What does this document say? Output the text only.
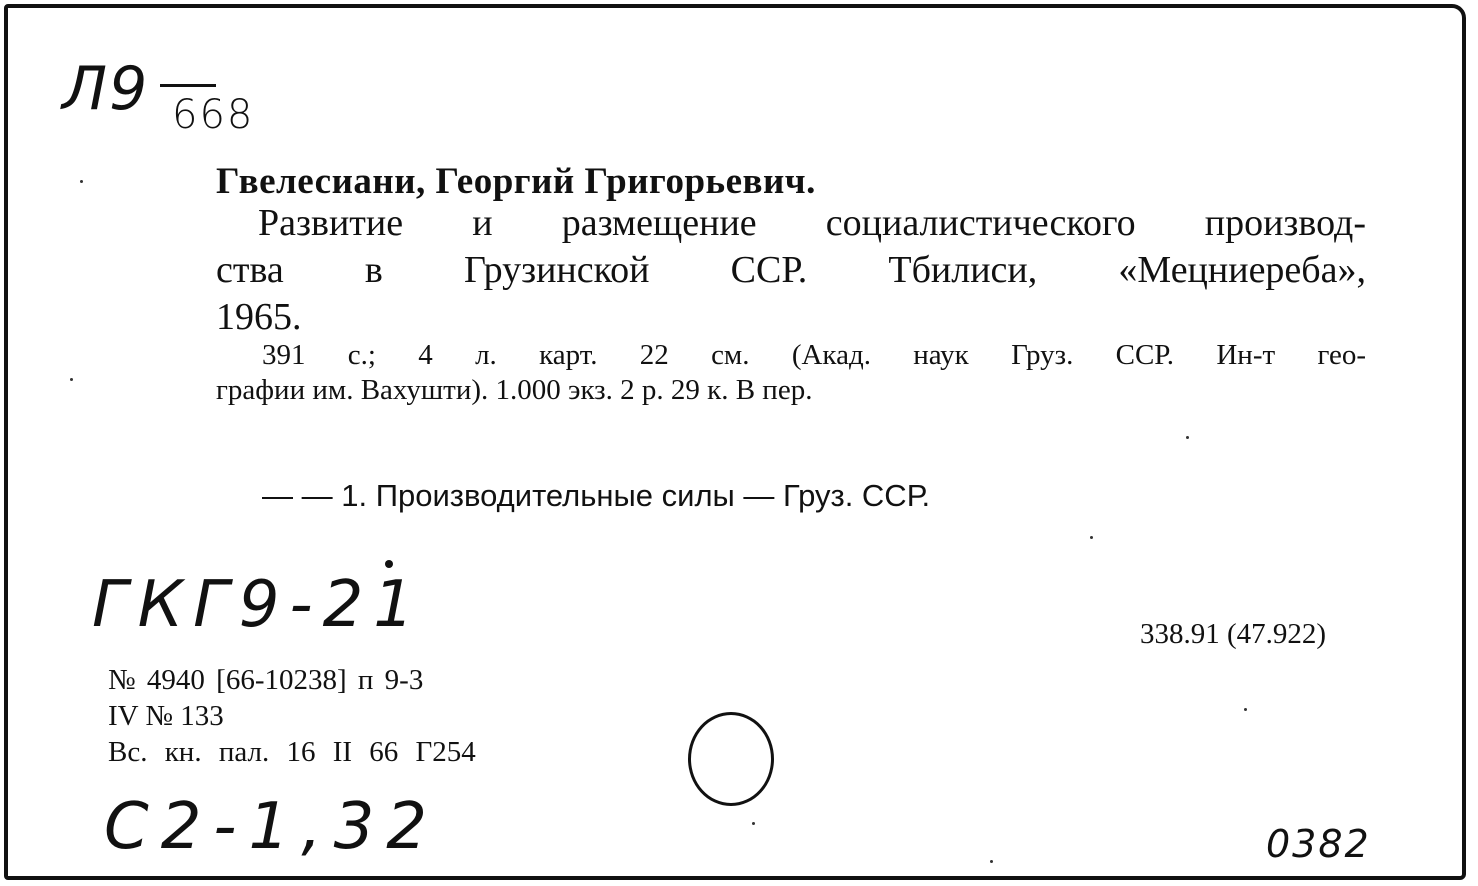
Л9 668
Гвелесиани, Георгий Григорьевич.
Развитие и размещение социалистического производ-
ства в Грузинской ССР. Тбилиси, «Мецниереба»,
1965.
391 с.; 4 л. карт. 22 см. (Акад. наук Груз. ССР. Ин-т гео-
графии им. Вахушти). 1.000 экз. 2 р. 29 к. В пер.
— — 1. Производительные силы — Груз. ССР.
ГКГ9-21	338.91 (47.922)
№ 4940 [66-10238] п 9-3
IV № 133
Вс. кн. пал. 16 II 66 Г254
С2-1,32	0382
